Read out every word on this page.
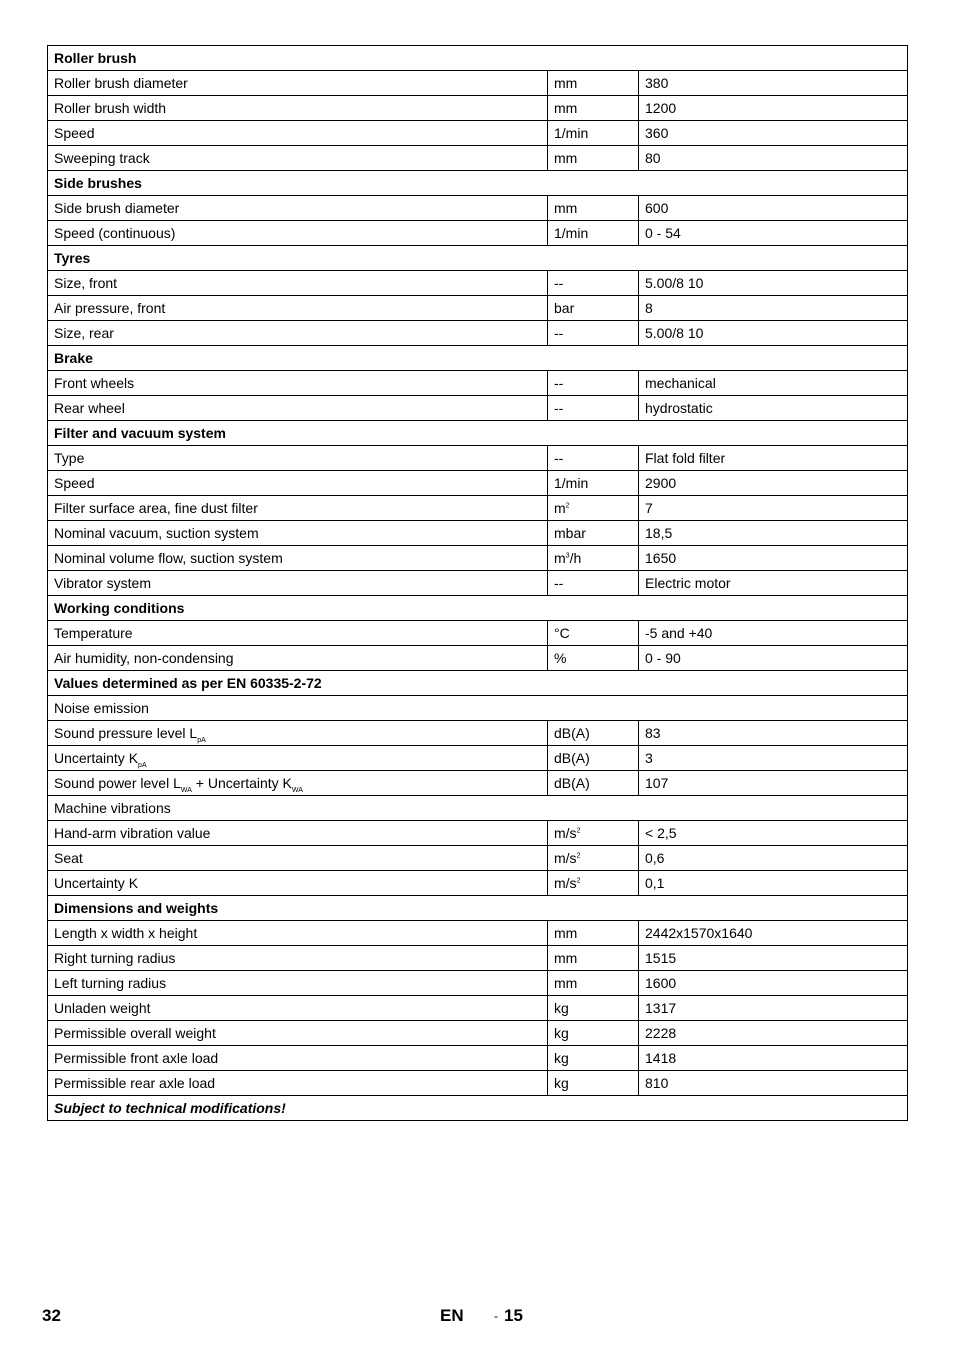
Roller brush		
Roller brush diameter	mm	380
Roller brush width	mm	1200
Speed	1/min	360
Sweeping track	mm	80
Side brushes		
Side brush diameter	mm	600
Speed (continuous)	1/min	0 - 54
Tyres		
Size, front	--	5.00/8 10
Air pressure, front	bar	8
Size, rear	--	5.00/8 10
Brake		
Front wheels	--	mechanical
Rear wheel	--	hydrostatic
Filter and vacuum system		
Type	--	Flat fold filter
Speed	1/min	2900
Filter surface area, fine dust filter	$m^2$	7
Nominal vacuum, suction system	mbar	18,5
Nominal volume flow, suction system	$m^3/h$	1650
Vibrator system	--	Electric motor
Working conditions		
Temperature	°C	-5 and +40
Air humidity, non-condensing	%	0 - 90
Values determined as per EN 60335-2-72		
Noise emission		
Sound pressure level $L_{pA}$	dB(A)	83
Uncertainty $K_{pA}$	dB(A)	3
Sound power level $L_{WA}$ + Uncertainty $K_{WA}$	dB(A)	107
Machine vibrations		
Hand-arm vibration value	$m/s^2$	< 2,5
Seat	$m/s^2$	0,6
Uncertainty K	$m/s^2$	0,1
Dimensions and weights		
Length x width x height	mm	2442x1570x1640
Right turning radius	mm	1515
Left turning radius	mm	1600
Unladen weight	kg	1317
Permissible overall weight	kg	2228
Permissible front axle load	kg	1418
Permissible rear axle load	kg	810
Subject to technical modifications!		
32	EN	- 15
